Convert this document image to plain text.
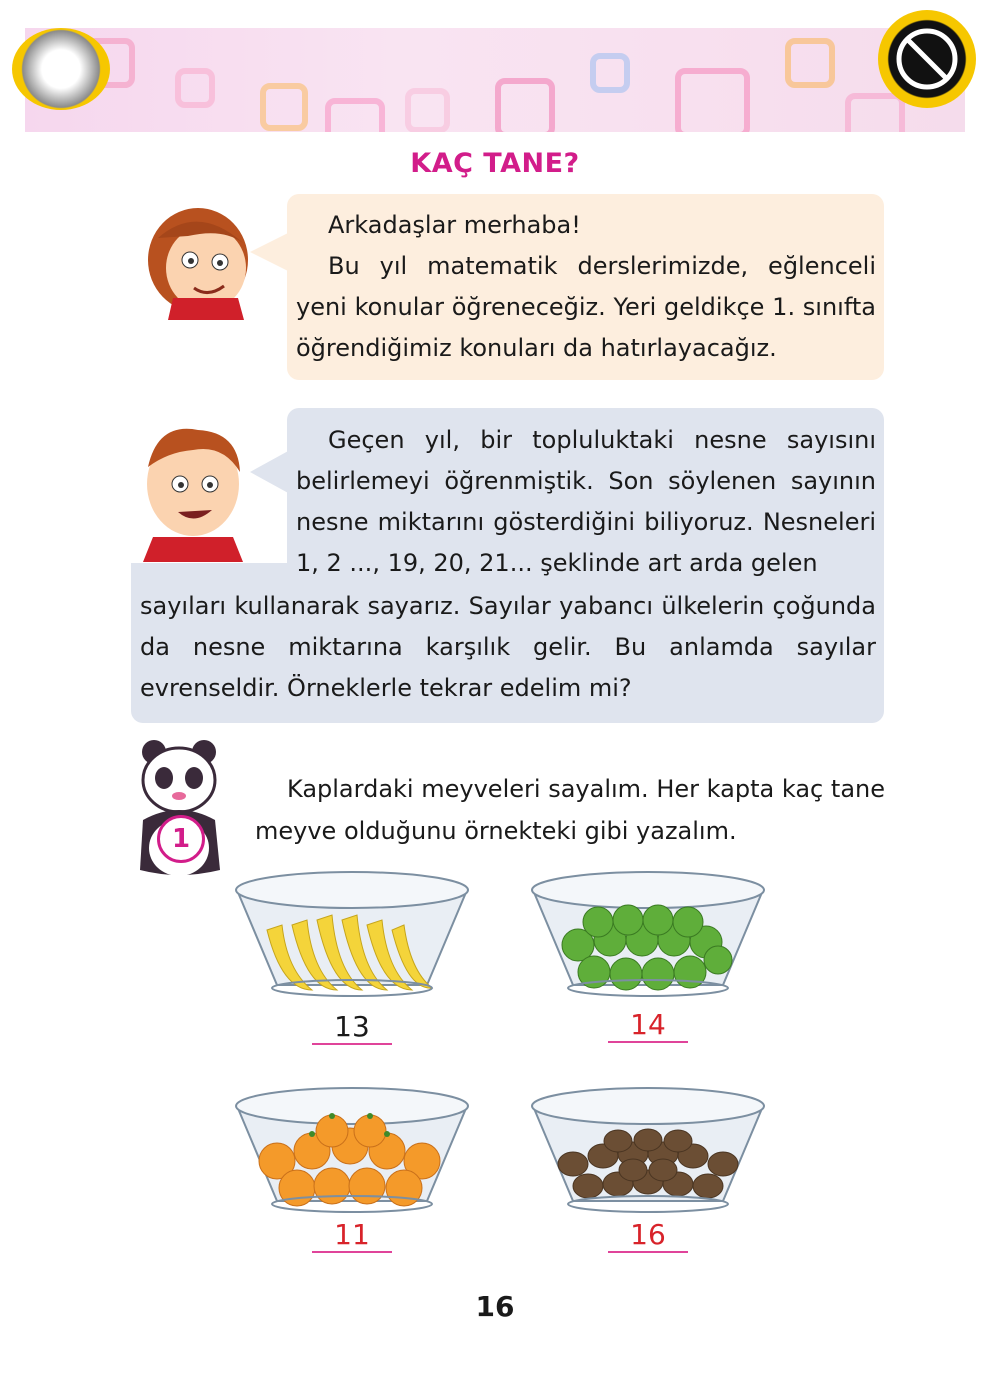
KAÇ TANE?
Arkadaşlar merhaba!
Bu yıl matematik derslerimizde, eğlenceli yeni konular öğreneceğiz. Yeri geldikçe 1. sınıfta öğrendiğimiz konuları da hatırlayacağız.
Geçen yıl, bir topluluktaki nesne sayısını belirlemeyi öğrenmiştik. Son söylenen sayının nesne miktarını gösterdiğini biliyoruz. Nesneleri 1, 2 ..., 19, 20, 21... şeklinde art arda gelen
sayıları kullanarak sayarız. Sayılar yabancı ülkelerin çoğunda da nesne miktarına karşılık gelir. Bu anlamda sayılar evrenseldir. Örneklerle tekrar edelim mi?
1
Kaplardaki meyveleri sayalım. Her kapta kaç tane meyve olduğunu örnekteki gibi yazalım.
13	14
11	16
16
